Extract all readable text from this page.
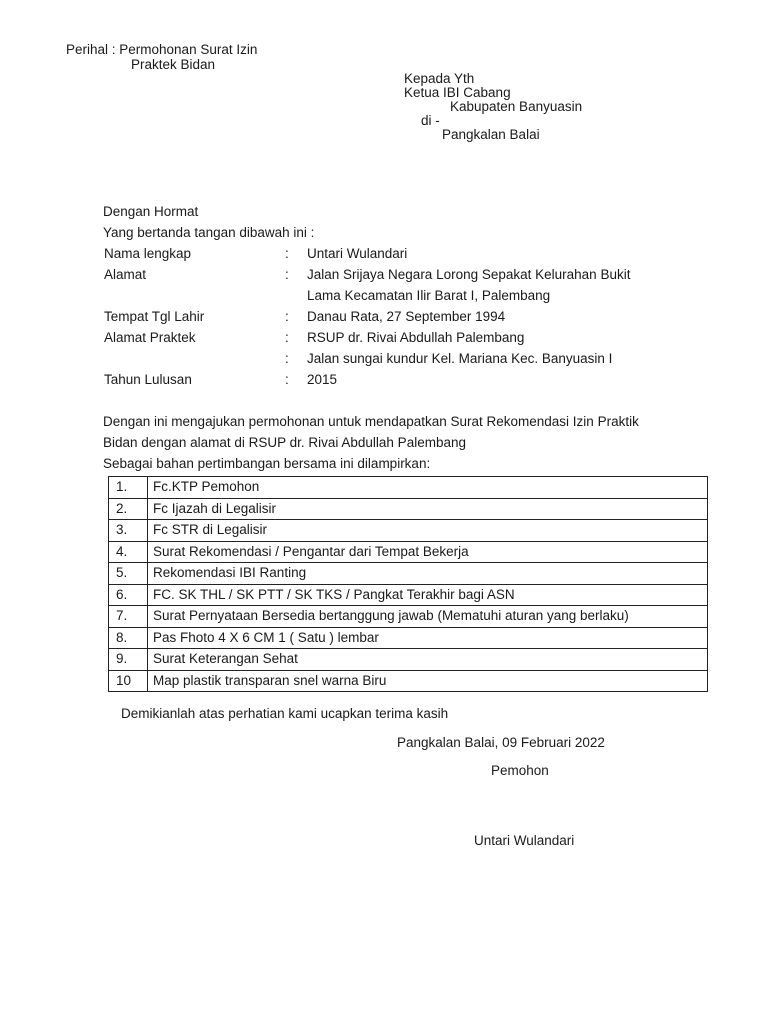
Perihal : Permohonan Surat Izin
Praktek Bidan
Kepada Yth
Ketua IBI Cabang
Kabupaten Banyuasin
di -
Pangkalan Balai
Dengan Hormat
Yang bertanda tangan dibawah ini :
Nama lengkap	: Untari Wulandari
Alamat	: Jalan Srijaya Negara Lorong Sepakat Kelurahan Bukit
Lama Kecamatan Ilir Barat I, Palembang
Tempat Tgl Lahir	: Danau Rata, 27 September 1994
Alamat Praktek	: RSUP dr. Rivai Abdullah Palembang
: Jalan sungai kundur Kel. Mariana Kec. Banyuasin I
Tahun Lulusan	: 2015
Dengan ini mengajukan permohonan untuk mendapatkan Surat Rekomendasi Izin Praktik
Bidan dengan alamat di RSUP dr. Rivai Abdullah Palembang
Sebagai bahan pertimbangan bersama ini dilampirkan:
1.	Fc.KTP Pemohon
2.	Fc Ijazah di Legalisir
3.	Fc STR di Legalisir
4.	Surat Rekomendasi / Pengantar dari Tempat Bekerja
5.	Rekomendasi IBI Ranting
6.	FC. SK THL / SK PTT / SK TKS / Pangkat Terakhir bagi ASN
7.	Surat Pernyataan Bersedia bertanggung jawab (Mematuhi aturan yang berlaku)
8.	Pas Fhoto 4 X 6 CM 1 ( Satu ) lembar
9.	Surat Keterangan Sehat
10	Map plastik transparan snel warna Biru
Demikianlah atas perhatian kami ucapkan terima kasih
Pangkalan Balai, 09 Februari 2022
Pemohon
Untari Wulandari
